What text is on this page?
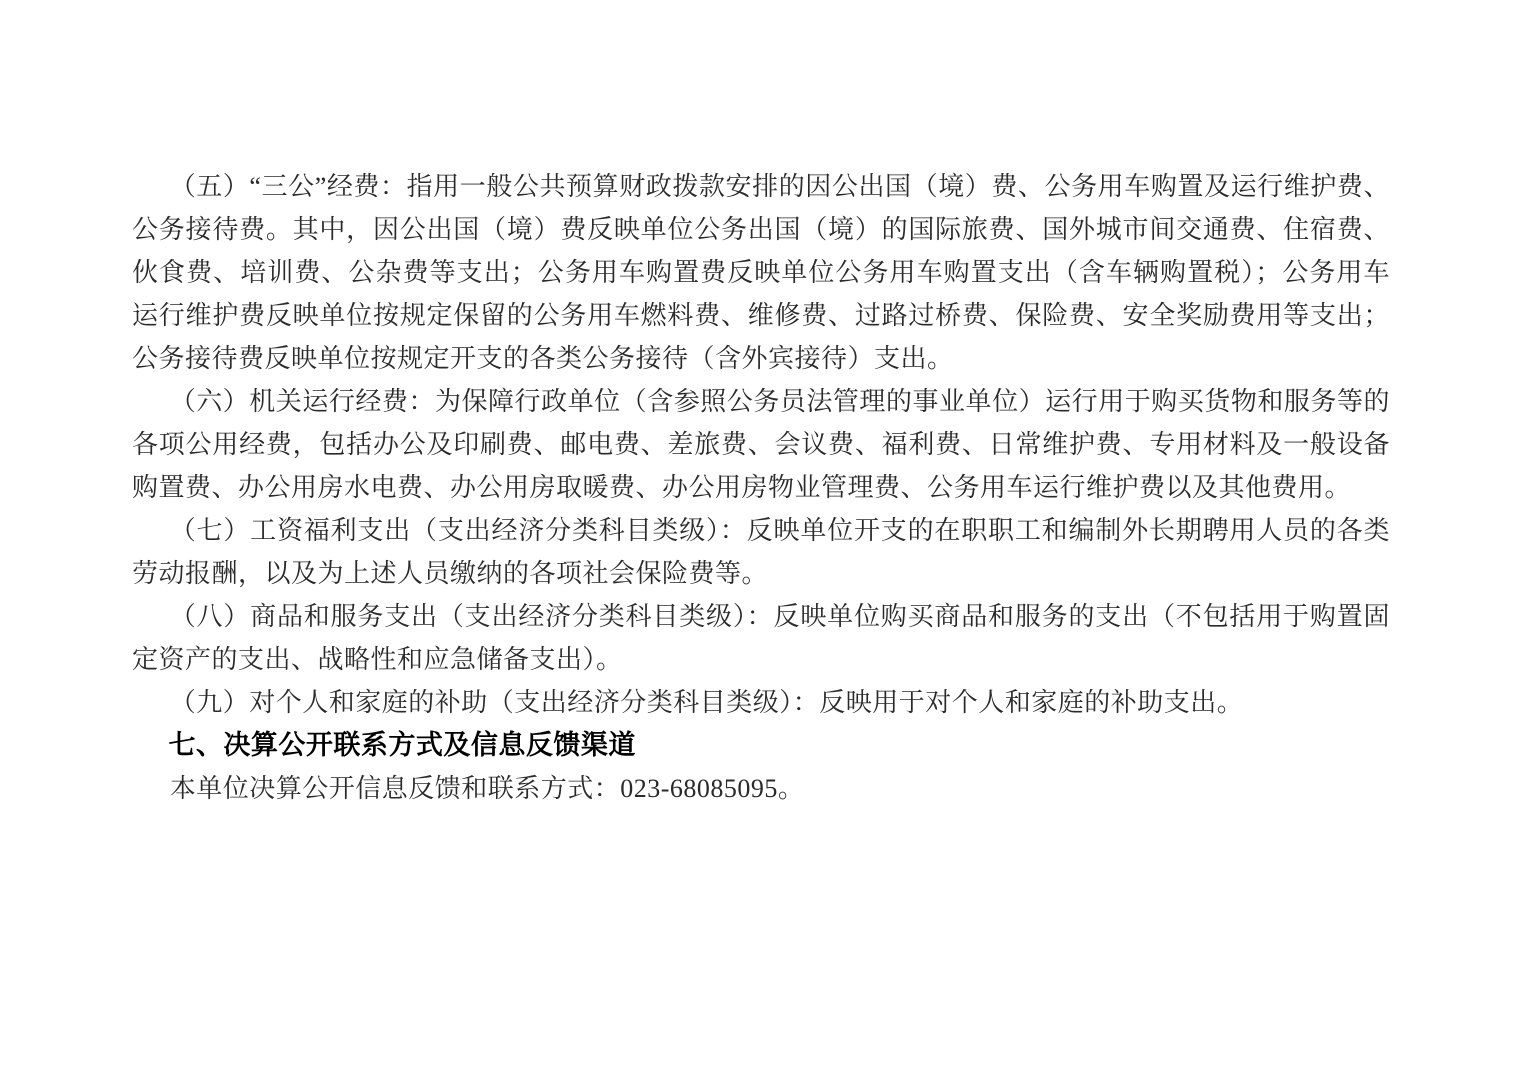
（五）“三公”经费：指用一般公共预算财政拨款安排的因公出国（境）费、公务用车购置及运行维护费、公务接待费。其中，因公出国（境）费反映单位公务出国（境）的国际旅费、国外城市间交通费、住宿费、伙食费、培训费、公杂费等支出；公务用车购置费反映单位公务用车购置支出（含车辆购置税）；公务用车运行维护费反映单位按规定保留的公务用车燃料费、维修费、过路过桥费、保险费、安全奖励费用等支出；公务接待费反映单位按规定开支的各类公务接待（含外宾接待）支出。

（六）机关运行经费：为保障行政单位（含参照公务员法管理的事业单位）运行用于购买货物和服务等的各项公用经费，包括办公及印刷费、邮电费、差旅费、会议费、福利费、日常维护费、专用材料及一般设备购置费、办公用房水电费、办公用房取暖费、办公用房物业管理费、公务用车运行维护费以及其他费用。

（七）工资福利支出（支出经济分类科目类级）：反映单位开支的在职职工和编制外长期聘用人员的各类劳动报酬，以及为上述人员缴纳的各项社会保险费等。

（八）商品和服务支出（支出经济分类科目类级）：反映单位购买商品和服务的支出（不包括用于购置固定资产的支出、战略性和应急储备支出）。

（九）对个人和家庭的补助（支出经济分类科目类级）：反映用于对个人和家庭的补助支出。

七、决算公开联系方式及信息反馈渠道

本单位决算公开信息反馈和联系方式：023-68085095。
